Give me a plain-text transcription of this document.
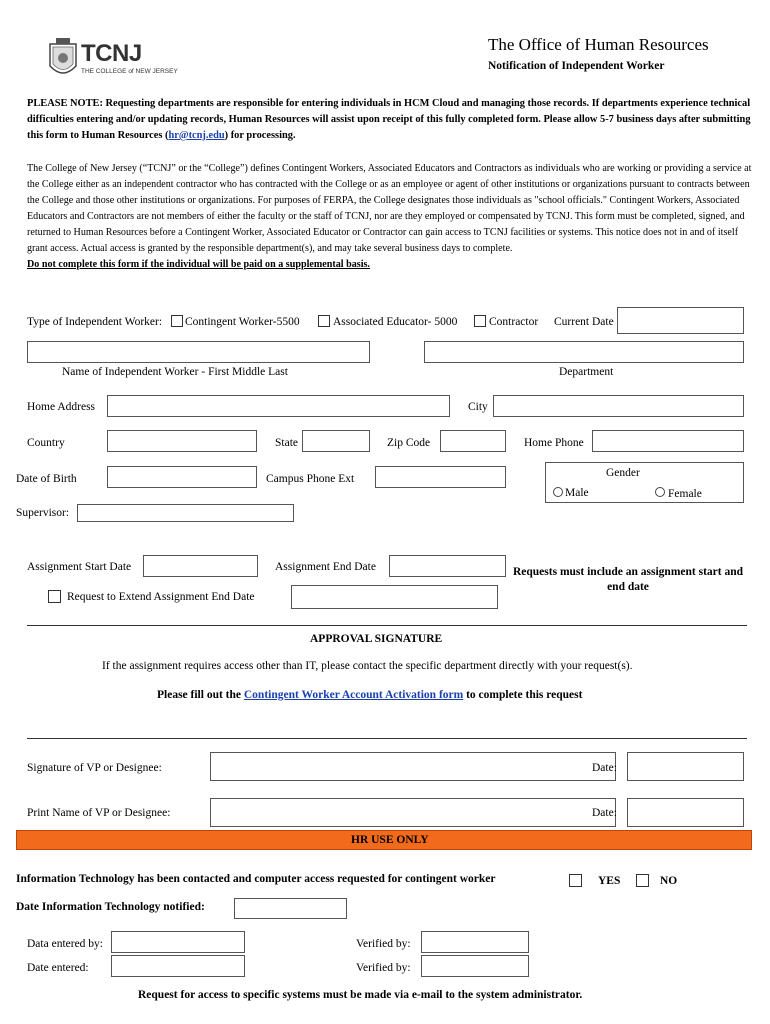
TCNJ
THE COLLEGE of NEW JERSEY
The Office of Human Resources
Notification of Independent Worker
PLEASE NOTE: Requesting departments are responsible for entering individuals in HCM Cloud and managing those records. If departments experience technical difficulties entering and/or updating records, Human Resources will assist upon receipt of this fully completed form. Please allow 5-7 business days after submitting this form to Human Resources (hr@tcnj.edu) for processing.

The College of New Jersey (“TCNJ” or the “College”) defines Contingent Workers, Associated Educators and Contractors as individuals who are working or providing a service at the College either as an independent contractor who has contracted with the College or as an employee or agent of other institutions or organizations pursuant to contracts between the College and those other institutions or organizations. For purposes of FERPA, the College designates those individuals as "school officials." Contingent Workers, Associated Educators and Contractors are not members of either the faculty or the staff of TCNJ, nor are they employed or compensated by TCNJ. This form must be completed, signed, and returned to Human Resources before a Contingent Worker, Associated Educator or Contractor can gain access to TCNJ facilities or systems. This notice does not in and of itself grant access. Actual access is granted by the responsible department(s), and may take several business days to complete.

Do not complete this form if the individual will be paid on a supplemental basis.

Type of Independent Worker: Contingent Worker-5500	Associated Educator- 5000	Contractor Current Date
Name of Independent Worker - First Middle Last	Department
Home Address	City
Country	State	Zip Code	Home Phone
Date of Birth	Campus Phone Ext	Gender
Male	Female
Supervisor:
Assignment Start Date	Assignment End Date	Requests must include an assignment start and end date
Request to Extend Assignment End Date
APPROVAL SIGNATURE
If the assignment requires access other than IT, please contact the specific department directly with your request(s).
Please fill out the Contingent Worker Account Activation form to complete this request
Signature of VP or Designee:	Date:
Print Name of VP or Designee:	Date:
HR USE ONLY
Information Technology has been contacted and computer access requested for contingent worker	YES	NO
Date Information Technology notified:
Data entered by:	Verified by:
Date entered:	Verified by:
Request for access to specific systems must be made via e-mail to the system administrator.
